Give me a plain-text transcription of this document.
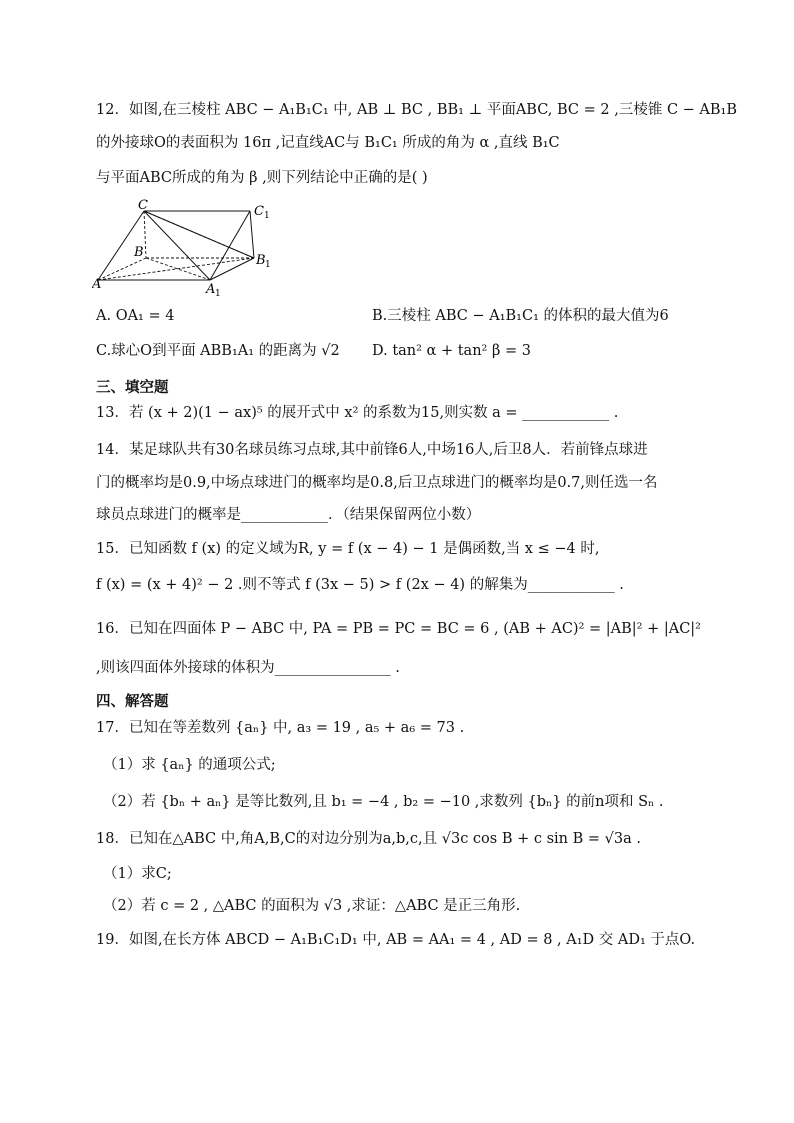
12．如图,在三棱柱 ABC − A₁B₁C₁ 中, AB ⊥ BC , BB₁ ⊥ 平面ABC, BC = 2 ,三棱锥 C − AB₁B
的外接球O的表面积为 16π ,记直线AC与 B₁C₁ 所成的角为 α ,直线 B₁C
与平面ABC所成的角为 β ,则下列结论中正确的是( )
C	C 1
B
B 1
A	A 1
A. OA₁ = 4	B.三棱柱 ABC − A₁B₁C₁ 的体积的最大值为6
C.球心O到平面 ABB₁A₁ 的距离为 √2 D. tan² α + tan² β = 3
三、填空题
13．若 (x + 2)(1 − ax)⁵ 的展开式中 x² 的系数为15,则实数 a = ____________ .
14．某足球队共有30名球员练习点球,其中前锋6人,中场16人,后卫8人．若前锋点球进
门的概率均是0.9,中场点球进门的概率均是0.8,后卫点球进门的概率均是0.7,则任选一名
球员点球进门的概率是____________．（结果保留两位小数）
15．已知函数 f (x) 的定义域为R, y = f (x − 4) − 1 是偶函数,当 x ≤ −4 时,
f (x) = (x + 4)² − 2 .则不等式 f (3x − 5) > f (2x − 4) 的解集为____________ .
16．已知在四面体 P − ABC 中, PA = PB = PC = BC = 6 , (AB + AC)² = |AB|² + |AC|²
,则该四面体外接球的体积为________________ .
四、解答题
17．已知在等差数列 {aₙ} 中, a₃ = 19 , a₅ + a₆ = 73 .
（1）求 {aₙ} 的通项公式;
（2）若 {bₙ + aₙ} 是等比数列,且 b₁ = −4 , b₂ = −10 ,求数列 {bₙ} 的前n项和 Sₙ .
18．已知在△ABC 中,角A,B,C的对边分别为a,b,c,且 √3c cos B + c sin B = √3a .
（1）求C;
（2）若 c = 2 , △ABC 的面积为 √3 ,求证：△ABC 是正三角形.
19．如图,在长方体 ABCD − A₁B₁C₁D₁ 中, AB = AA₁ = 4 , AD = 8 , A₁D 交 AD₁ 于点O.
